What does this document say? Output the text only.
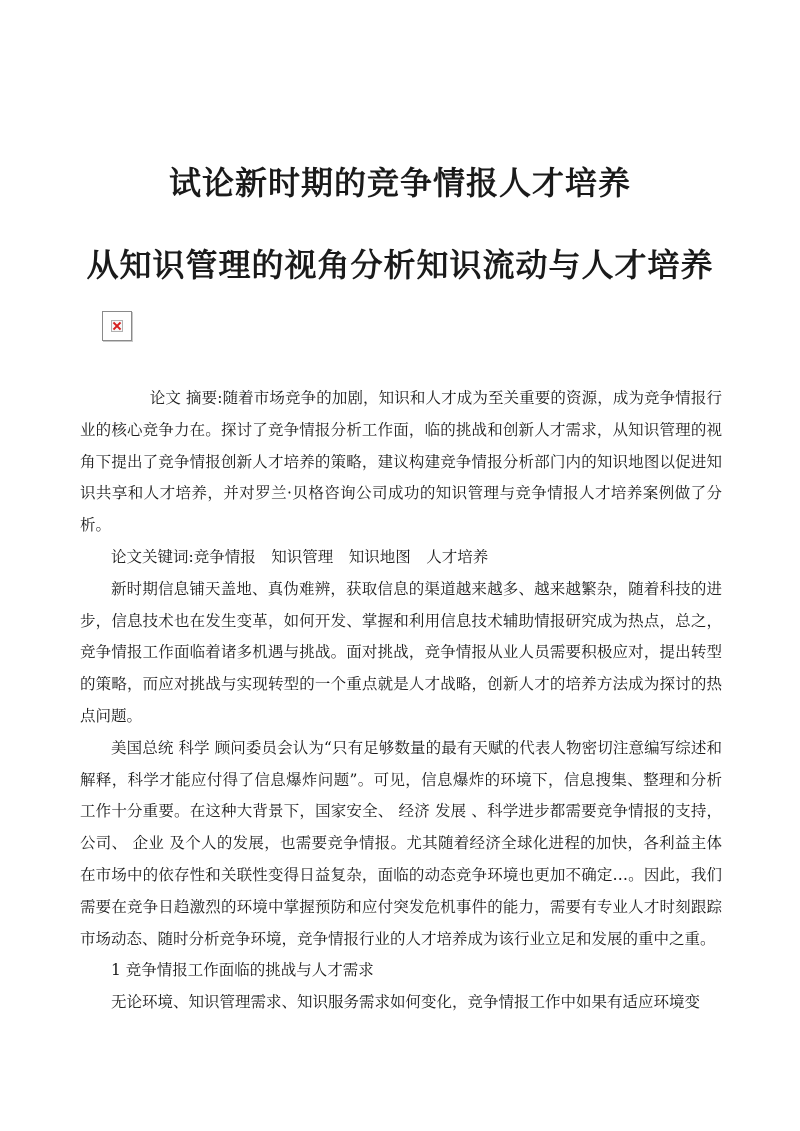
试论新时期的竞争情报人才培养
从知识管理的视角分析知识流动与人才培养

论文 摘要:随着市场竞争的加剧，知识和人才成为至关重要的资源，成为竞争情报行业的核心竞争力在。探讨了竞争情报分析工作面，临的挑战和创新人才需求，从知识管理的视角下提出了竞争情报创新人才培养的策略，建议构建竞争情报分析部门内的知识地图以促进知识共享和人才培养，并对罗兰·贝格咨询公司成功的知识管理与竞争情报人才培养案例做了分析。

论文关键词:竞争情报　知识管理　知识地图　人才培养

新时期信息铺天盖地、真伪难辨，获取信息的渠道越来越多、越来越繁杂，随着科技的进步，信息技术也在发生变革，如何开发、掌握和利用信息技术辅助情报研究成为热点，总之，竞争情报工作面临着诸多机遇与挑战。面对挑战，竞争情报从业人员需要积极应对，提出转型的策略，而应对挑战与实现转型的一个重点就是人才战略，创新人才的培养方法成为探讨的热点问题。

美国总统 科学 顾问委员会认为“只有足够数量的最有天赋的代表人物密切注意编写综述和解释，科学才能应付得了信息爆炸问题”。可见，信息爆炸的环境下，信息搜集、整理和分析工作十分重要。在这种大背景下，国家安全、 经济 发展 、科学进步都需要竞争情报的支持，公司、 企业 及个人的发展，也需要竞争情报。尤其随着经济全球化进程的加快，各利益主体在市场中的依存性和关联性变得日益复杂，面临的动态竞争环境也更加不确定…。因此，我们需要在竞争日趋激烈的环境中掌握预防和应付突发危机事件的能力，需要有专业人才时刻跟踪市场动态、随时分析竞争环境，竞争情报行业的人才培养成为该行业立足和发展的重中之重。

1 竞争情报工作面临的挑战与人才需求

无论环境、知识管理需求、知识服务需求如何变化，竞争情报工作中如果有适应环境变
